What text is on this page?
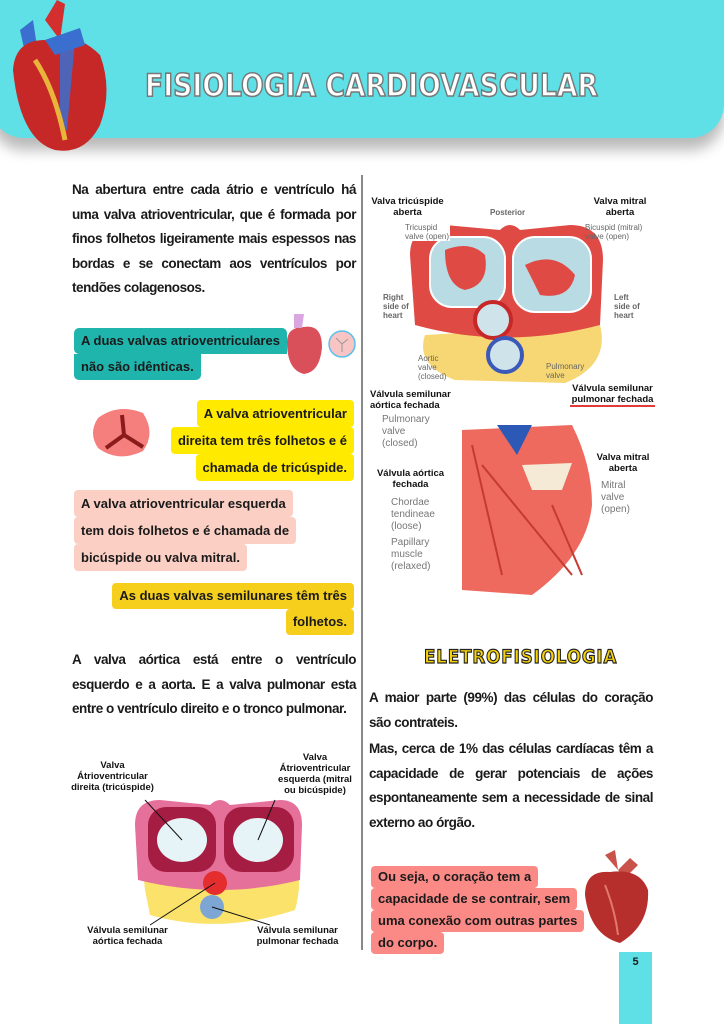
FISIOLOGIA CARDIOVASCULAR
Na abertura entre cada átrio e ventrículo há uma valva atrioventricular, que é formada por finos folhetos ligeiramente mais espessos nas bordas e se conectam aos ventrículos por tendões colagenosos.
A duas valvas atrioventriculares
não são idênticas.
A valva atrioventricular
direita tem três folhetos e é
chamada de tricúspide.
A valva atrioventricular esquerda
tem dois folhetos e é chamada de
bicúspide ou valva mitral.
As duas valvas semilunares têm três
folhetos.
A valva aórtica está entre o ventrículo esquerdo e a aorta. E a valva pulmonar esta entre o ventrículo direito e o tronco pulmonar.
Valva Átrioventricular direita (tricúspide)
Valva Átrioventricular esquerda (mitral ou bicúspide)
Válvula semilunar aórtica fechada
Válvula semilunar pulmonar fechada
Valva tricúspide aberta
Tricuspid valve (open)
Posterior
Valva mitral aberta
Bicuspid (mitral) valve (open)
Right side of heart
Left side of heart
Aortic valve (closed)
Pulmonary valve
Válvula semilunar aórtica fechada
Válvula semilunar pulmonar fechada
Pulmonary valve (closed)
Válvula aórtica fechada
Valva mitral aberta
Mitral valve (open)
Chordae tendineae (loose)
Papillary muscle (relaxed)
ELETROFISIOLOGIA
A maior parte (99%) das células do coração são contrateis.
Mas, cerca de 1% das células cardíacas têm a capacidade de gerar potenciais de ações espontaneamente sem a necessidade de sinal externo ao órgão.
Ou seja, o coração tem a
capacidade de se contrair, sem
uma conexão com outras partes
do corpo.
5
